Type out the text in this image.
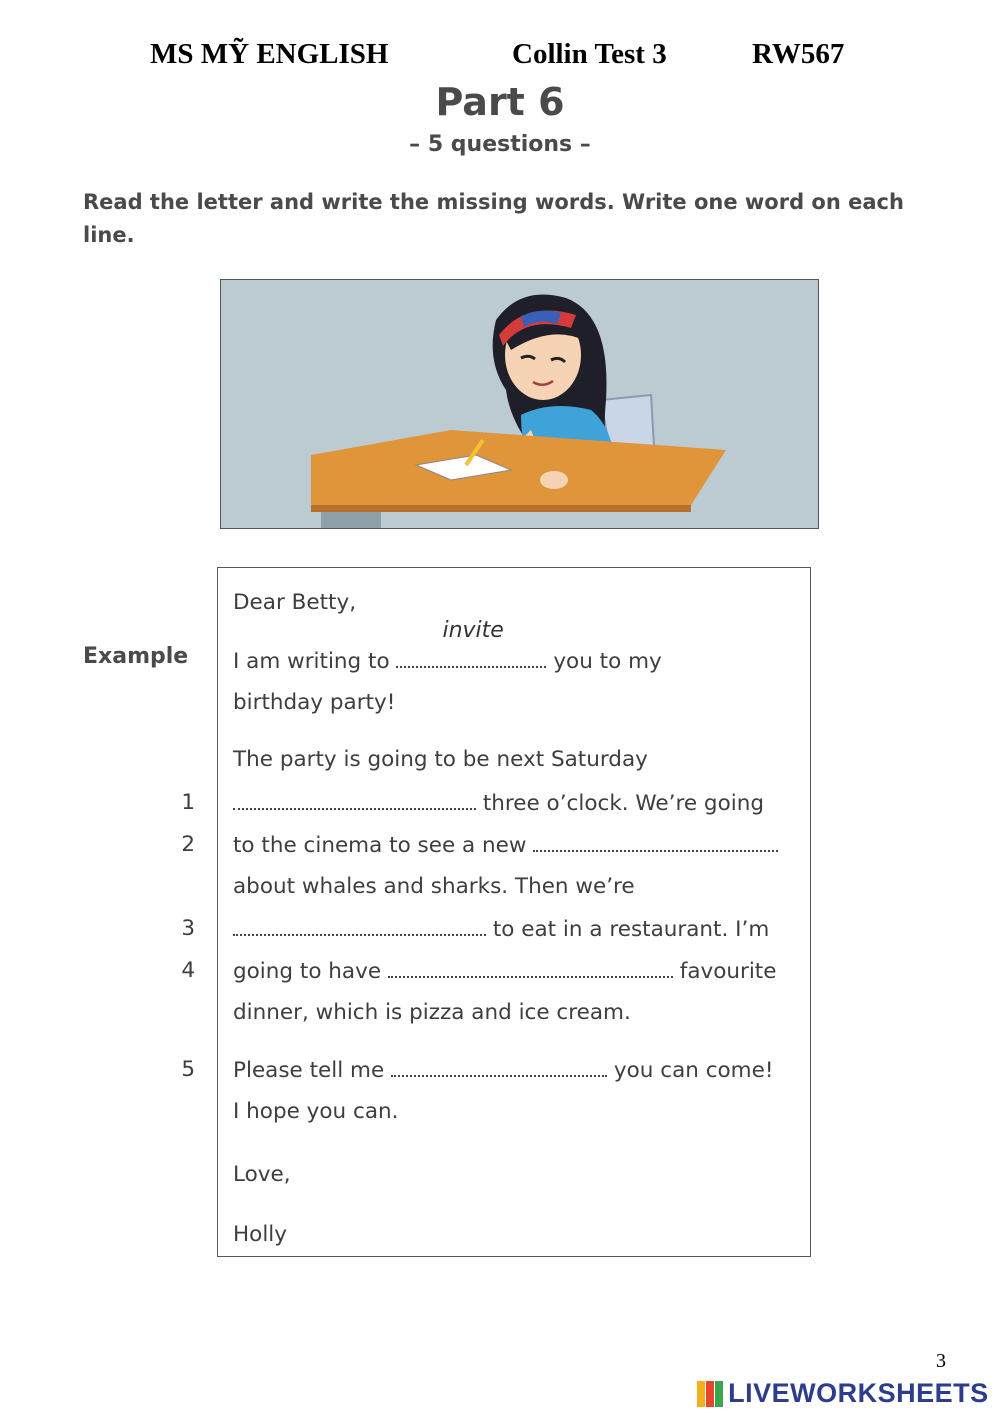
MS MỸ ENGLISH	Collin Test 3	RW567
Part 6
– 5 questions –
Read the letter and write the missing words. Write one word on each line.
Dear Betty,
Example I am writing to
invite
you to my
birthday party!
The party is going to be next Saturday
1	three o’clock. We’re going
2 to the cinema to see a new
about whales and sharks. Then we’re
3	to eat in a restaurant. I’m
4 going to have	favourite
dinner, which is pizza and ice cream.
5 Please tell me	you can come!
I hope you can.
Love,
Holly
3
LIVEWORKSHEETS
